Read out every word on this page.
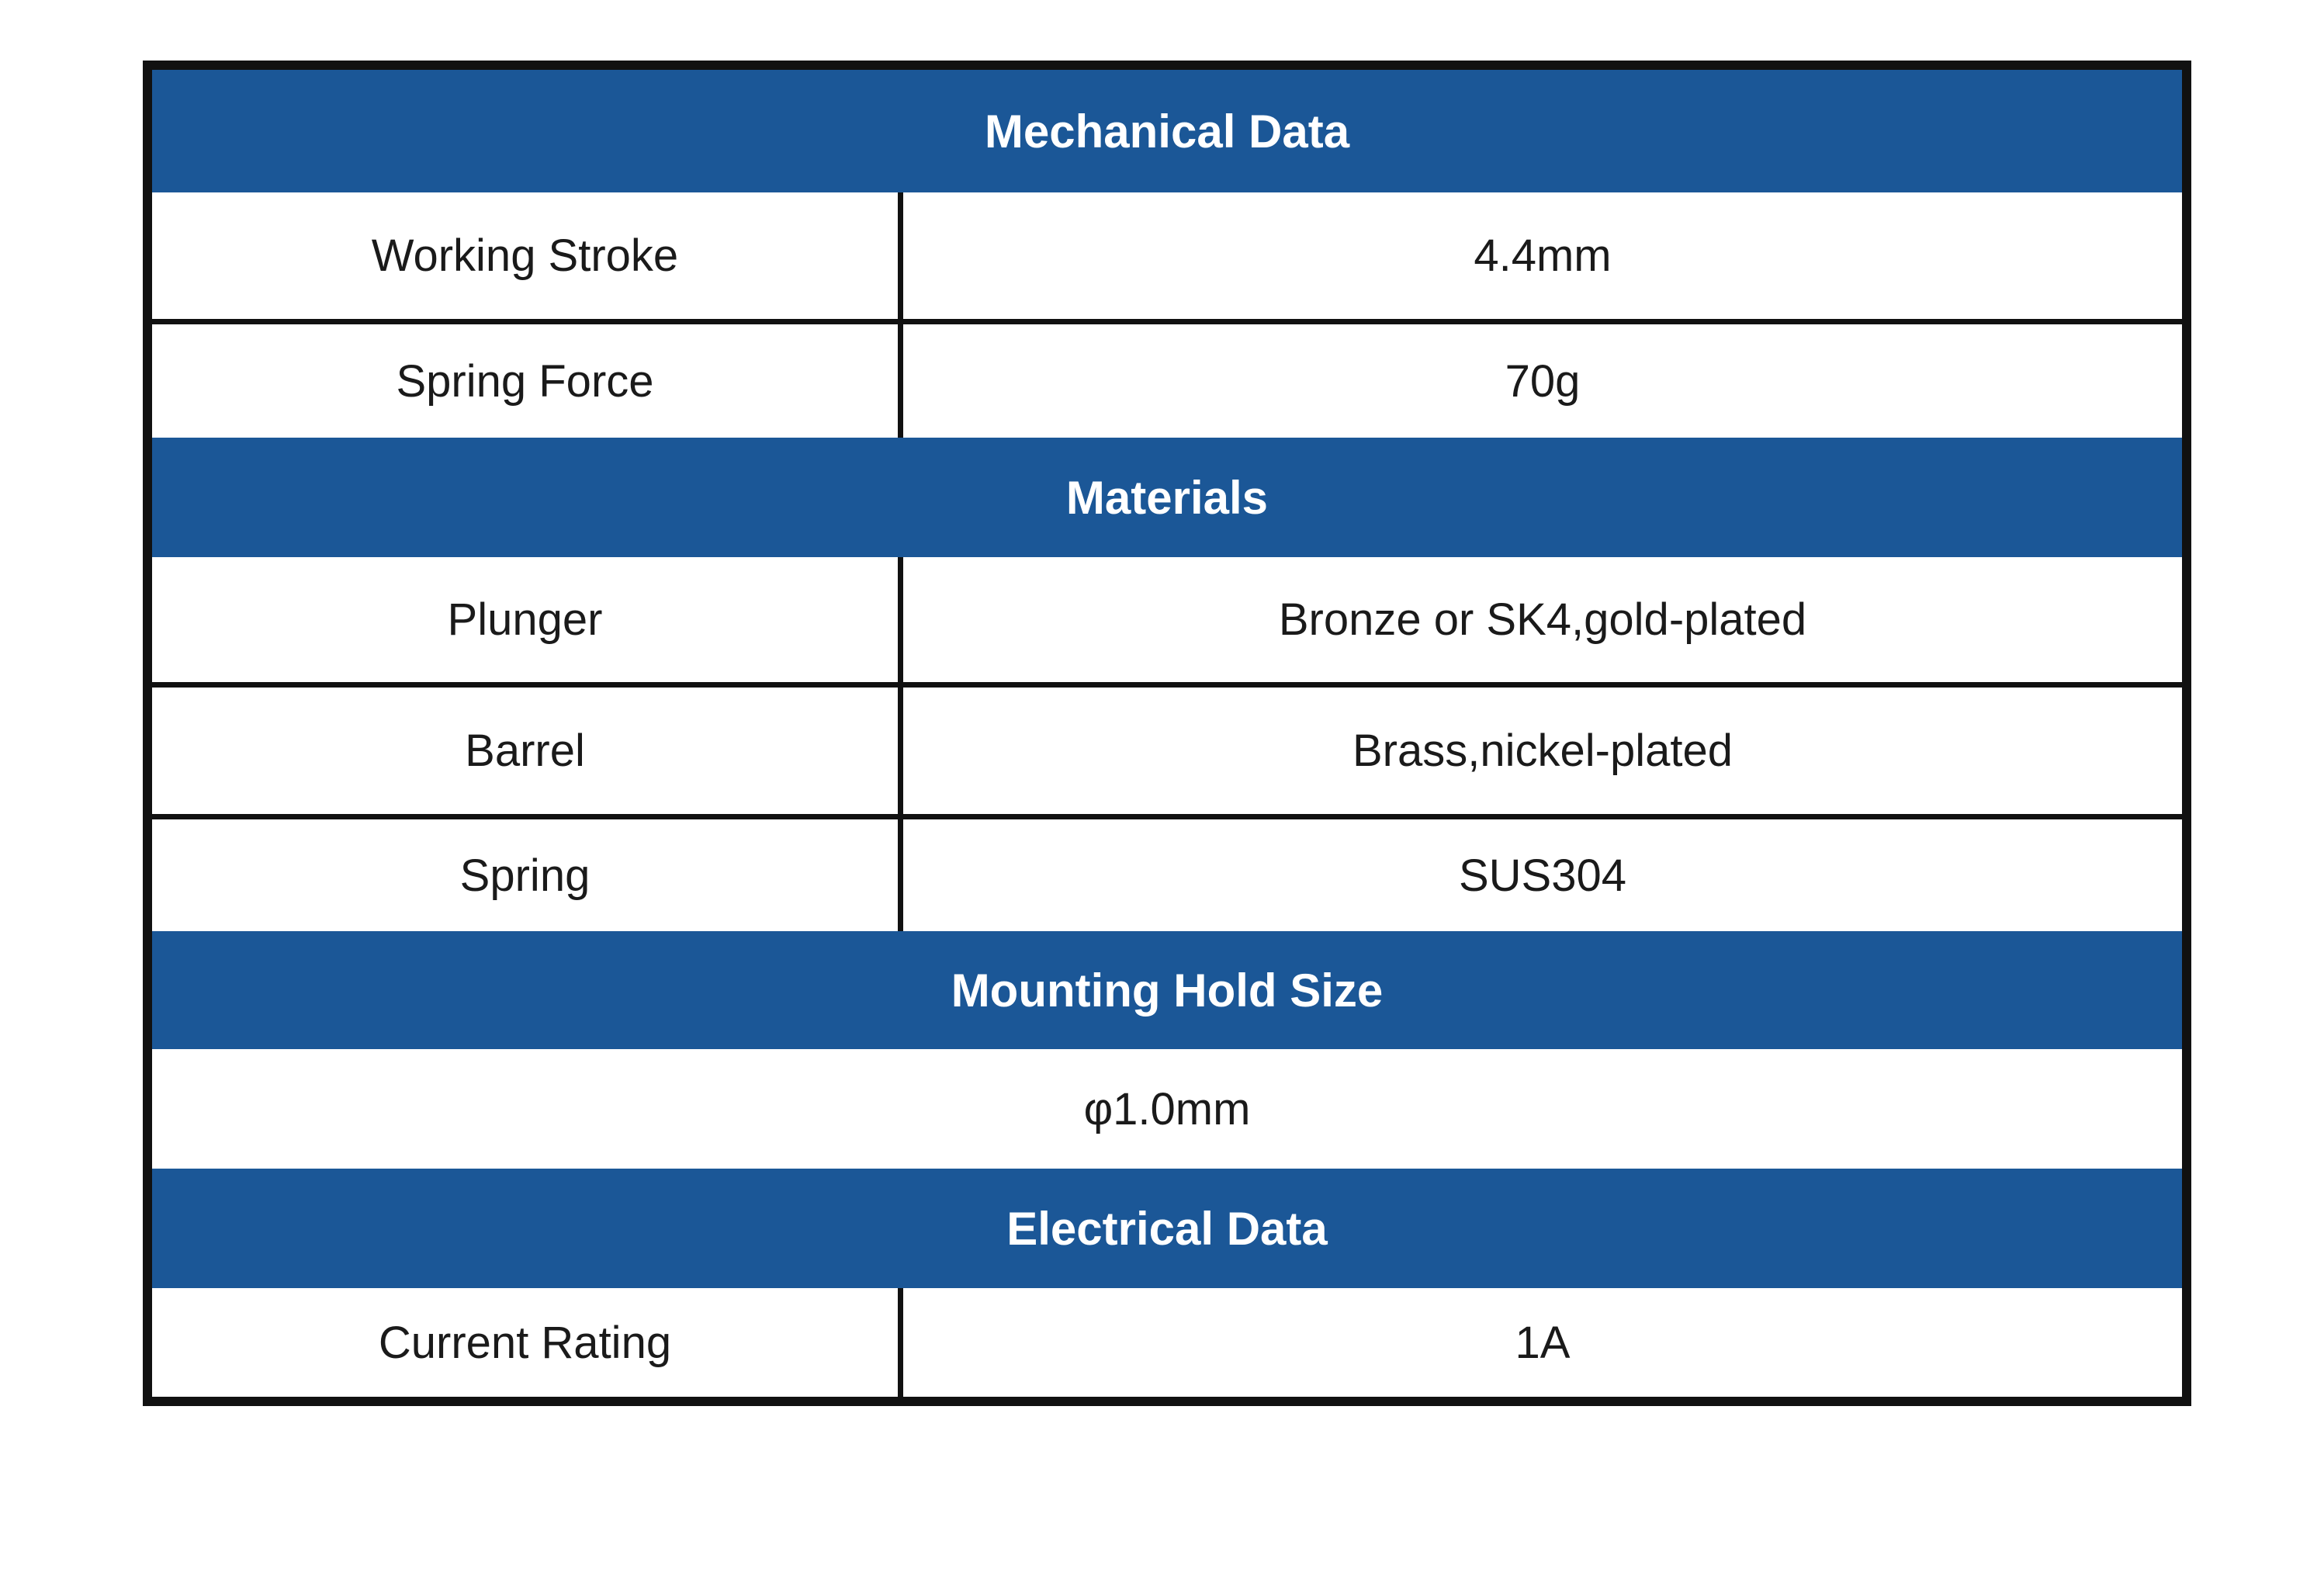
Mechanical Data
Working Stroke	4.4mm
Spring Force	70g
Materials
Plunger	Bronze or SK4,gold-plated
Barrel	Brass,nickel-plated
Spring	SUS304
Mounting Hold Size
φ1.0mm
Electrical Data
Current Rating	1A
